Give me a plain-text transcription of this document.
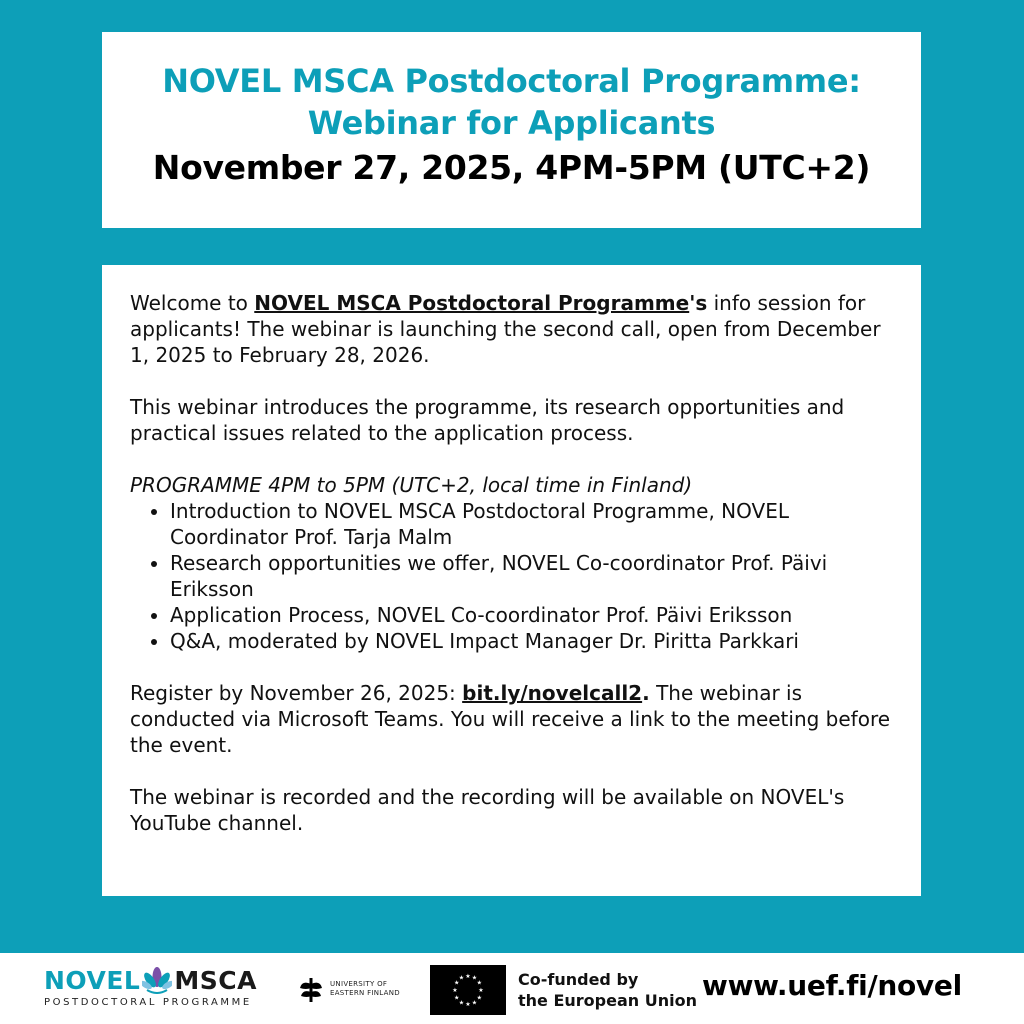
NOVEL MSCA Postdoctoral Programme:
Webinar for Applicants
November 27, 2025, 4PM-5PM (UTC+2)

Welcome to NOVEL MSCA Postdoctoral Programme's info session for applicants! The webinar is launching the second call, open from December 1, 2025 to February 28, 2026.

This webinar introduces the programme, its research opportunities and practical issues related to the application process.

PROGRAMME 4PM to 5PM (UTC+2, local time in Finland)
• Introduction to NOVEL MSCA Postdoctoral Programme, NOVEL Coordinator Prof. Tarja Malm
• Research opportunities we offer, NOVEL Co-coordinator Prof. Päivi Eriksson
• Application Process, NOVEL Co-coordinator Prof. Päivi Eriksson
• Q&A, moderated by NOVEL Impact Manager Dr. Piritta Parkkari

Register by November 26, 2025: bit.ly/novelcall2. The webinar is conducted via Microsoft Teams. You will receive a link to the meeting before the event.

The webinar is recorded and the recording will be available on NOVEL's YouTube channel.

NOVEL MSCA
POSTDOCTORAL PROGRAMME
UNIVERSITY OF
EASTERN FINLAND
★ ★
★
★
★
★
★
★
★
★
★
★	Co-funded by
the European Union www.uef.fi/novel
